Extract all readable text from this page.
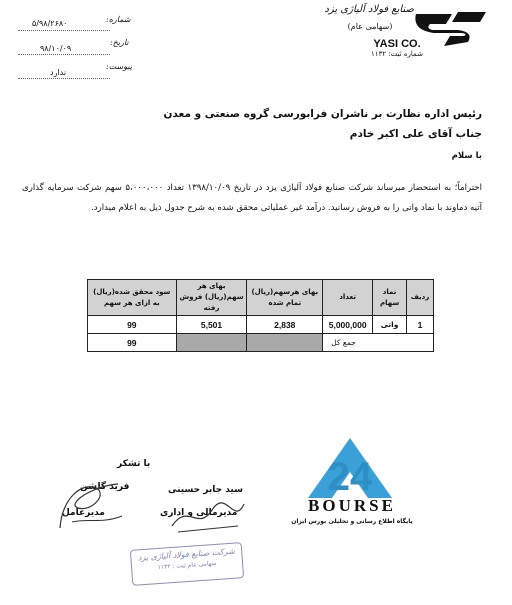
صنایع فولاد آلیاژی یزد
(سهامی عام)
YASI CO.
شماره ثبت: ۱۱۳۲
شماره:
۵/۹۸/۲۶۸۰
تاریخ:
۹۸/۱۰/۰۹
پیوست:
ندارد
رئیس اداره نظارت بر ناشران فرابورسی گروه صنعتی و معدن
جناب آقای علی اکبر خادم
با سلام
احتراماً؛ به استحضار میرساند شرکت صنایع فولاد آلیاژی یزد در تاریخ ۱۳۹۸/۱۰/۰۹ تعداد ۵،۰۰۰،۰۰۰ سهم شرکت سرمایه گذاری آتیه دماوند با نماد واتی را به فروش رسانید. درآمد غیر عملیاتی محقق شده به شرح جدول ذیل به اعلام میدارد.
ردیف	نماد سهام	تعداد	بهای هرسهم(ریال) تمام شده	بهای هر سهم(ریال) فروش رفته	سود محقق شده(ریال) به ازای هر سهم
1	واتی	5,000,000	2,838	5,501	99
جمع کل					99
24
BOURSE
پایگاه اطلاع رسانی و تحلیلی بورس ایران
با تشکر
سید جابر حسینی
مدیرمالی و اداری
فرید گلشن
مدیرعامل
شرکت صنایع فولاد آلیاژی یزد
سهامی عام ثبت : ۱۱۳۲
